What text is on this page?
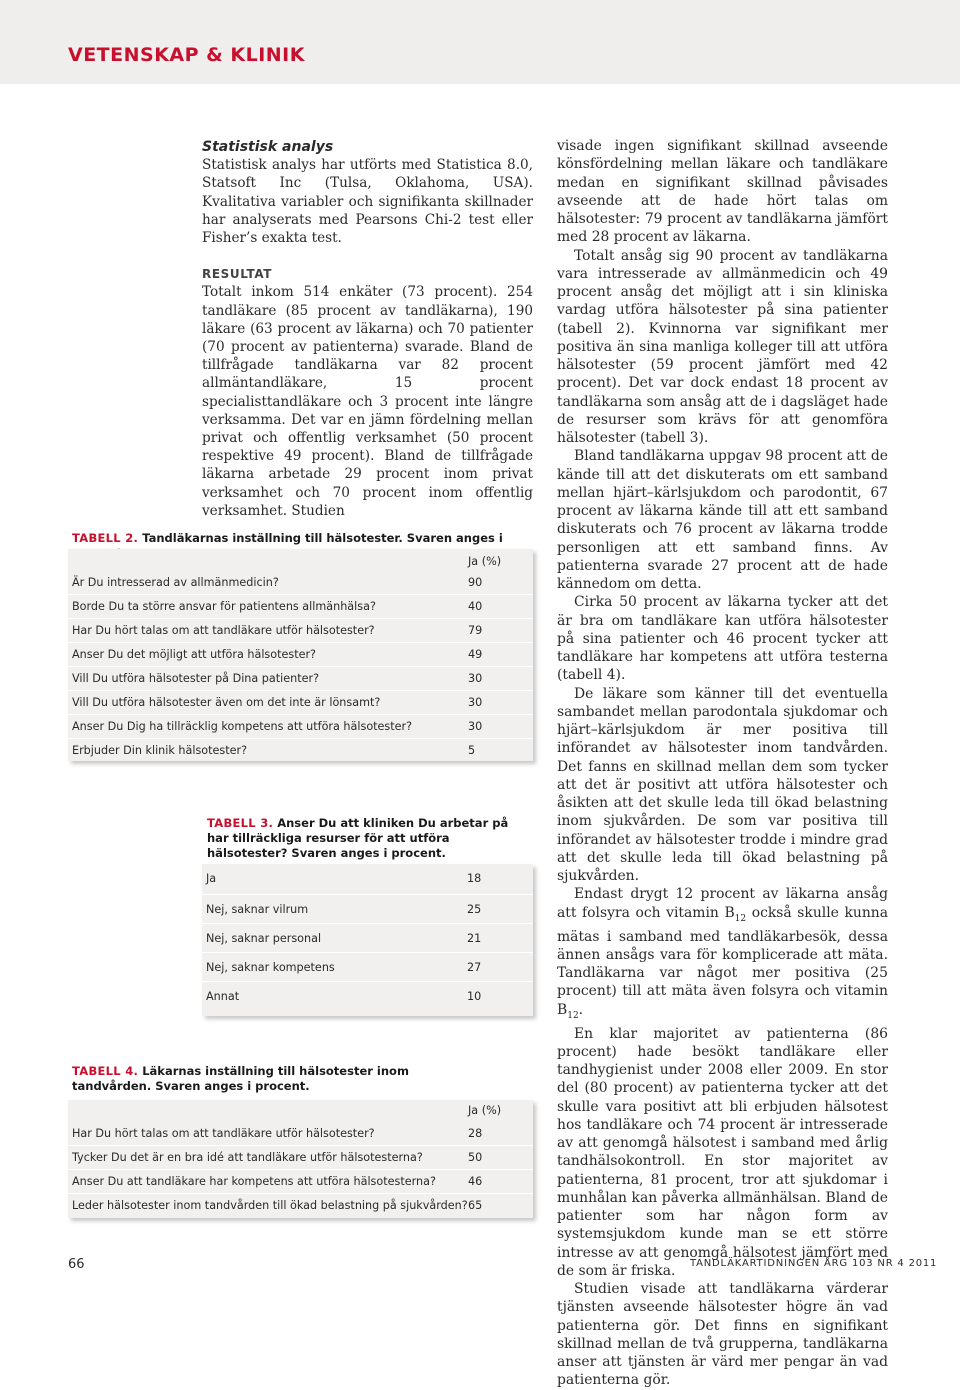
VETENSKAP & KLINIK
Statistisk analys

Statistisk analys har utförts med Statistica 8.0, Statsoft Inc (Tulsa, Oklahoma, USA). Kvalitativa variabler och signifikanta skillnader har analyserats med Pearsons Chi-2 test eller Fisher’s exakta test.

RESULTAT

Totalt inkom 514 enkäter (73 procent). 254 tandläkare (85 procent av tandläkarna), 190 läkare (63 procent av läkarna) och 70 patienter (70 procent av patienterna) svarade. Bland de tillfrågade tandläkarna var 82 procent allmäntandläkare, 15 procent specialisttandläkare och 3 procent inte längre verksamma. Det var en jämn fördelning mellan privat och offentlig verksamhet (50 procent respektive 49 procent). Bland de tillfrågade läkarna arbetade 29 procent inom privat verksamhet och 70 procent inom offentlig verksamhet. Studien

visade ingen signifikant skillnad avseende könsfördelning mellan läkare och tandläkare medan en signifikant skillnad påvisades avseende att de hade hört talas om hälsotester: 79 procent av tandläkarna jämfört med 28 procent av läkarna.

Totalt ansåg sig 90 procent av tandläkarna vara intresserade av allmänmedicin och 49 procent ansåg det möjligt att i sin kliniska vardag utföra hälsotester på sina patienter (tabell 2). Kvinnorna var signifikant mer positiva än sina manliga kolleger till att utföra hälsotester (59 procent jämfört med 42 procent). Det var dock endast 18 procent av tandläkarna som ansåg att de i dagsläget hade de resurser som krävs för att genomföra hälsotester (tabell 3).

Bland tandläkarna uppgav 98 procent att de kände till att det diskuterats om ett samband mellan hjärt–kärlsjukdom och parodontit, 67 procent av läkarna kände till att ett samband diskuterats och 76 procent av läkarna trodde personligen att ett samband finns. Av patienterna svarade 27 procent att de hade kännedom om detta.

Cirka 50 procent av läkarna tycker att det är bra om tandläkare kan utföra hälsotester på sina patienter och 46 procent tycker att tandläkare har kompetens att utföra testerna (tabell 4).

De läkare som känner till det eventuella sambandet mellan parodontala sjukdomar och hjärt–kärlsjukdom är mer positiva till införandet av hälsotester inom tandvården. Det fanns en skillnad mellan dem som tycker att det är positivt att utföra hälsotester och åsikten att det skulle leda till ökad belastning inom sjukvården. De som var positiva till införandet av hälsotester trodde i mindre grad att det skulle leda till ökad belastning på sjukvården.

Endast drygt 12 procent av läkarna ansåg att folsyra och vitamin $B_{12}$ också skulle kunna mätas i samband med tandläkarbesök, dessa ännen ansågs vara för komplicerade att mäta. Tandläkarna var något mer positiva (25 procent) till att mäta även folsyra och vitamin $B_{12}$.

En klar majoritet av patienterna (86 procent) hade besökt tandläkare eller tandhygienist under 2008 eller 2009. En stor del (80 procent) av patienterna tycker att det skulle vara positivt att bli erbjuden hälsotest hos tandläkare och 74 procent är intresserade av att genomgå hälsotest i samband med årlig tandhälsokontroll. En stor majoritet av patienterna, 81 procent, tror att sjukdomar i munhålan kan påverka allmänhälsan. Bland de patienter som har någon form av systemsjukdom kunde man se ett större intresse av att genomgå hälsotest jämfört med de som är friska.

Studien visade att tandläkarna värderar tjänsten avseende hälsotester högre än vad patienterna gör. Det finns en signifikant skillnad mellan de två grupperna, tandläkarna anser att tjänsten är värd mer pengar än vad patienterna gör.

TABELL 2. Tandläkarnas inställning till hälsotester. Svaren anges i
Ja (%)
Är Du intresserad av allmänmedicin?	90
Borde Du ta större ansvar för patientens allmänhälsa?	40
Har Du hört talas om att tandläkare utför hälsotester?	79
Anser Du det möjligt att utföra hälsotester?	49
Vill Du utföra hälsotester på Dina patienter?	30
Vill Du utföra hälsotester även om det inte är lönsamt?	30
Anser Du Dig ha tillräcklig kompetens att utföra hälsotester?	30
Erbjuder Din klinik hälsotester?	5
TABELL 3. Anser Du att kliniken Du arbetar på har tillräckliga resurser för att utföra hälsotester? Svaren anges i procent.
Ja	18
Nej, saknar vilrum	25
Nej, saknar personal	21
Nej, saknar kompetens	27
Annat	10
TABELL 4. Läkarnas inställning till hälsotester inom tandvården. Svaren anges i procent.
Ja (%)
Har Du hört talas om att tandläkare utför hälsotester?	28
Tycker Du det är en bra idé att tandläkare utför hälsotesterna?	50
Anser Du att tandläkare har kompetens att utföra hälsotesterna?	46
Leder hälsotester inom tandvården till ökad belastning på sjukvården? 65
66	TANDLÄKARTIDNINGEN ÅRG 103 NR 4 2011
